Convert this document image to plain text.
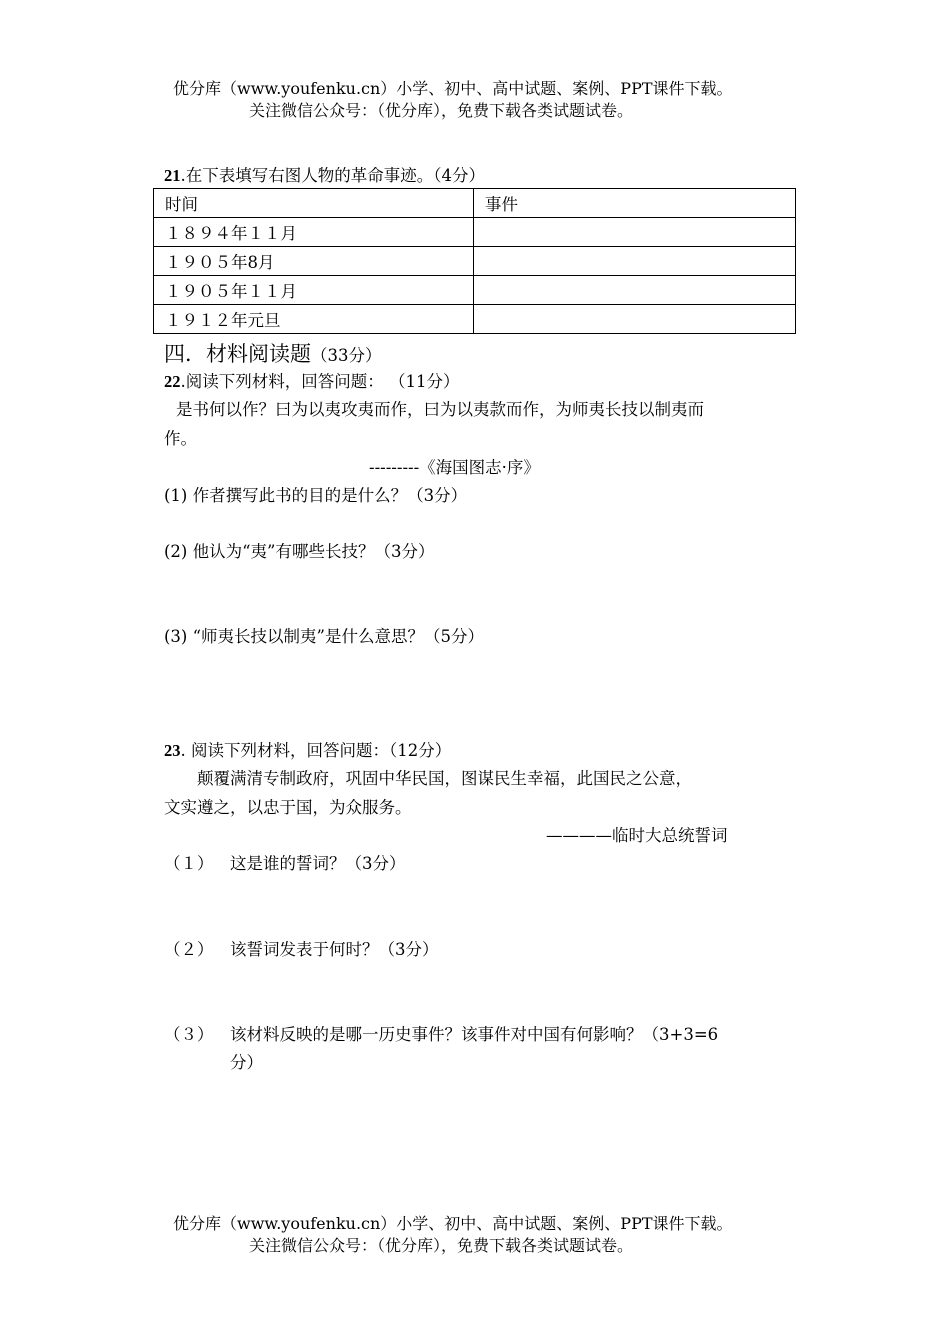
优分库（www.youfenku.cn）小学、初中、高中试题、案例、PPT课件下载。
关注微信公众号：（优分库），免费下载各类试题试卷。
21.在下表填写右图人物的革命事迹。（4分）
时间	事件
１８９４年１１月	
１９０５年8月	
１９０５年１１月	
１９１２年元旦	
四．材料阅读题（33分）
22.阅读下列材料，回答问题： （11分）
是书何以作？曰为以夷攻夷而作，曰为以夷款而作，为师夷长技以制夷而
作。
---------《海国图志·序》
(1) 作者撰写此书的目的是什么？（3分）
(2) 他认为“夷”有哪些长技？（3分）
(3) “师夷长技以制夷”是什么意思？（5分）
23. 阅读下列材料，回答问题：（12分）
颠覆满清专制政府，巩固中华民国，图谋民生幸福，此国民之公意，
文实遵之，以忠于国，为众服务。
————临时大总统誓词
（１） 这是谁的誓词？（3分）
（２） 该誓词发表于何时？（3分）
（３） 该材料反映的是哪一历史事件？该事件对中国有何影响？（3+3=6
分）
优分库（www.youfenku.cn）小学、初中、高中试题、案例、PPT课件下载。
关注微信公众号：（优分库），免费下载各类试题试卷。
